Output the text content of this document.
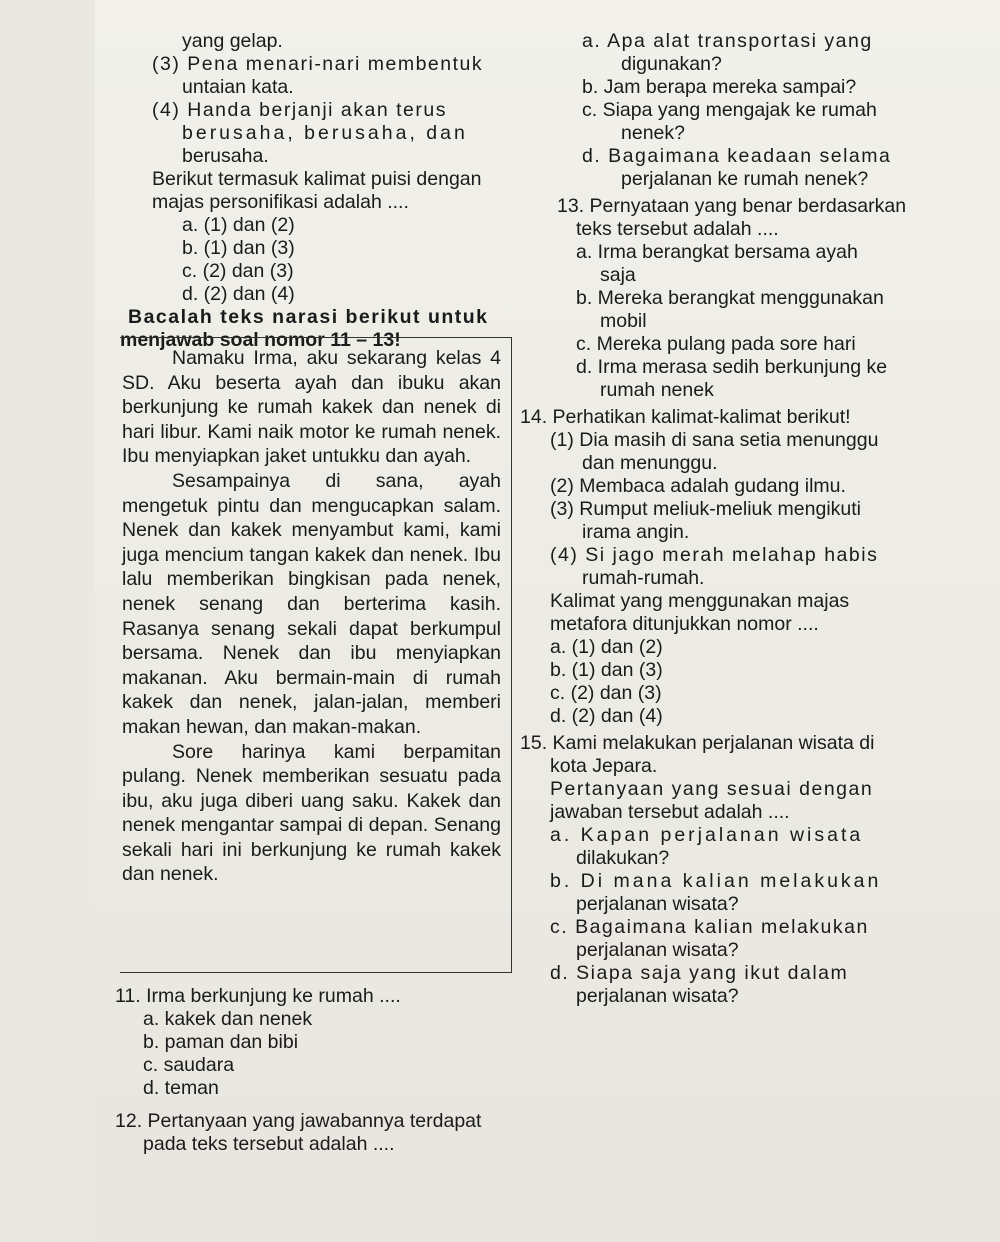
yang gelap.

(3) Pena menari-nari membentuk

untaian kata.

(4) Handa berjanji akan terus

berusaha, berusaha, dan

berusaha.

Berikut termasuk kalimat puisi dengan

majas personifikasi adalah ....

a. (1) dan (2)

b. (1) dan (3)

c. (2) dan (3)

d. (2) dan (4)

Bacalah teks narasi berikut untuk

menjawab soal nomor 11 – 13!

Namaku Irma, aku sekarang kelas 4 SD. Aku beserta ayah dan ibuku akan berkunjung ke rumah kakek dan nenek di hari libur. Kami naik motor ke rumah nenek. Ibu menyiapkan jaket untukku dan ayah.

Sesampainya di sana, ayah mengetuk pintu dan mengucapkan salam. Nenek dan kakek menyambut kami, kami juga mencium tangan kakek dan nenek. Ibu lalu memberikan bingkisan pada nenek, nenek senang dan berterima kasih. Rasanya senang sekali dapat berkumpul bersama. Nenek dan ibu menyiapkan makanan. Aku bermain-main di rumah kakek dan nenek, jalan-jalan, memberi makan hewan, dan makan-makan.

Sore harinya kami berpamitan pulang. Nenek memberikan sesuatu pada ibu, aku juga diberi uang saku. Kakek dan nenek mengantar sampai di depan. Senang sekali hari ini berkunjung ke rumah kakek dan nenek.

11. Irma berkunjung ke rumah ....

a. kakek dan nenek

b. paman dan bibi

c. saudara

d. teman

12. Pertanyaan yang jawabannya terdapat

pada teks tersebut adalah ....

a. Apa alat transportasi yang

digunakan?

b. Jam berapa mereka sampai?

c. Siapa yang mengajak ke rumah

nenek?

d. Bagaimana keadaan selama

perjalanan ke rumah nenek?

13. Pernyataan yang benar berdasarkan

teks tersebut adalah ....

a. Irma berangkat bersama ayah

saja

b. Mereka berangkat menggunakan

mobil

c. Mereka pulang pada sore hari

d. Irma merasa sedih berkunjung ke

rumah nenek

14. Perhatikan kalimat-kalimat berikut!

(1) Dia masih di sana setia menunggu

dan menunggu.

(2) Membaca adalah gudang ilmu.

(3) Rumput meliuk-meliuk mengikuti

irama angin.

(4) Si jago merah melahap habis

rumah-rumah.

Kalimat yang menggunakan majas

metafora ditunjukkan nomor ....

a. (1) dan (2)

b. (1) dan (3)

c. (2) dan (3)

d. (2) dan (4)

15. Kami melakukan perjalanan wisata di

kota Jepara.

Pertanyaan yang sesuai dengan

jawaban tersebut adalah ....

a. Kapan perjalanan wisata

dilakukan?

b. Di mana kalian melakukan

perjalanan wisata?

c. Bagaimana kalian melakukan

perjalanan wisata?

d. Siapa saja yang ikut dalam

perjalanan wisata?
